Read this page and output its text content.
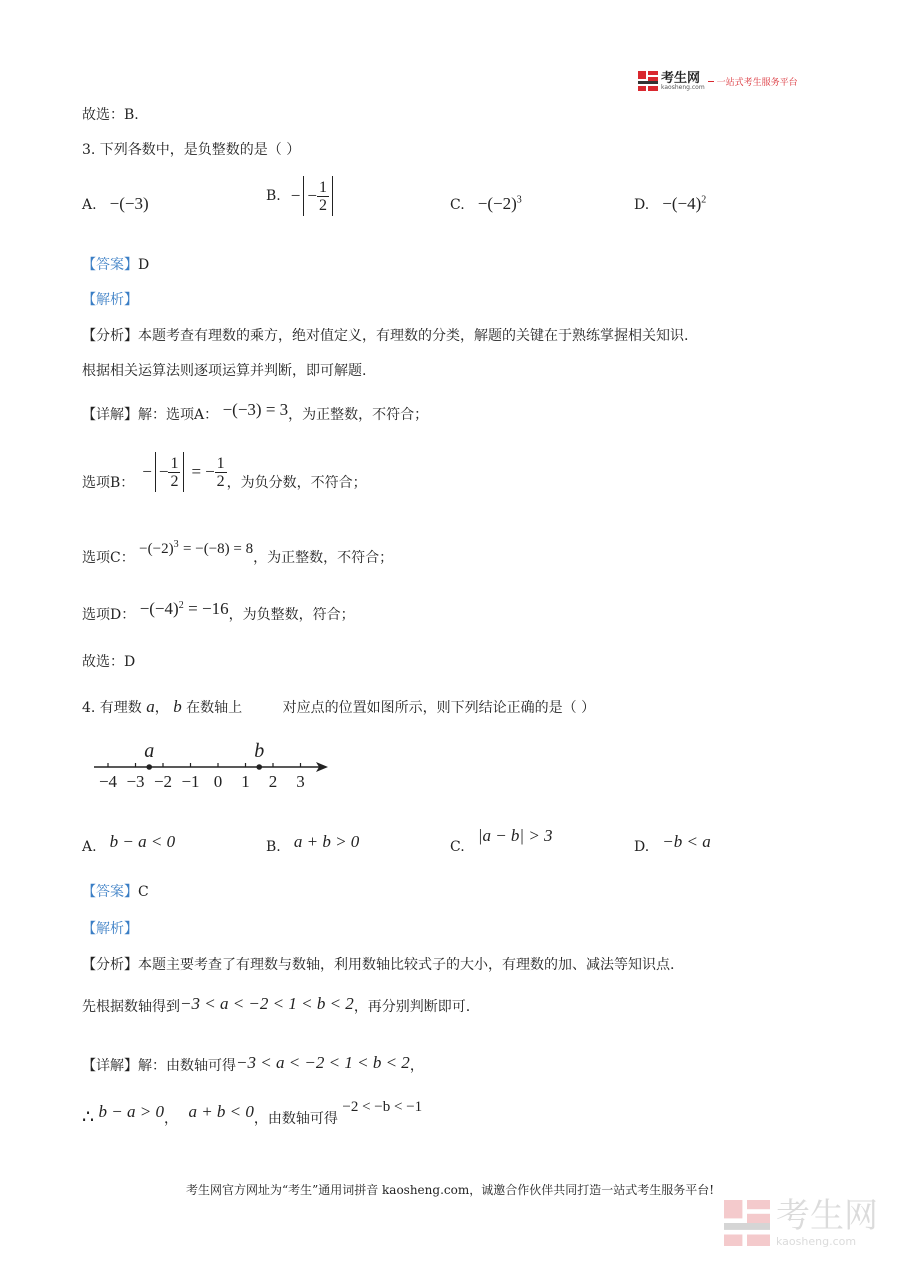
考生网
kaosheng.com 一站式考生服务平台
故选：B.
3. 下列各数中，是负整数的是（ ）
A. −(−3)	B. − − $\frac{1}{2}$	C. $-(-2)^3$	D. $-(-4)^2$
【答案】D
【解析】
【分析】本题考查有理数的乘方，绝对值定义，有理数的分类，解题的关键在于熟练掌握相关知识.
根据相关运算法则逐项运算并判断，即可解题.
【详解】解：选项A： −(−3) = 3，为正整数，不符合；
选项B：
− − $\frac{1}{2}$ = − $\frac{1}{2}$ ，为负分数，不符合；
选项C： $-(-2)^3 = -(-8) = 8$，为正整数，不符合；
选项D： $-(-4)^2 = -16$，为负整数，符合；
故选：D
4. 有理数 a， b 在数轴上	对应点的位置如图所示，则下列结论正确的是（ ）
−4 −3 −2 −1 0 1 2 3
a	b
A. b − a < 0	B. a + b > 0	C. |a − b| > 3
D. −b < a
【答案】C
【解析】
【分析】本题主要考查了有理数与数轴，利用数轴比较式子的大小，有理数的加、减法等知识点.
先根据数轴得到−3 < a < −2 < 1 < b < 2，再分别判断即可.
【详解】解：由数轴可得−3 < a < −2 < 1 < b < 2，
∴ b − a > 0， a + b < 0，由数轴可得 −2 < −b < −1
考生网官方网址为“考生”通用词拼音 kaosheng.com，诚邀合作伙伴共同打造一站式考生服务平台!
考生网
kaosheng.com
